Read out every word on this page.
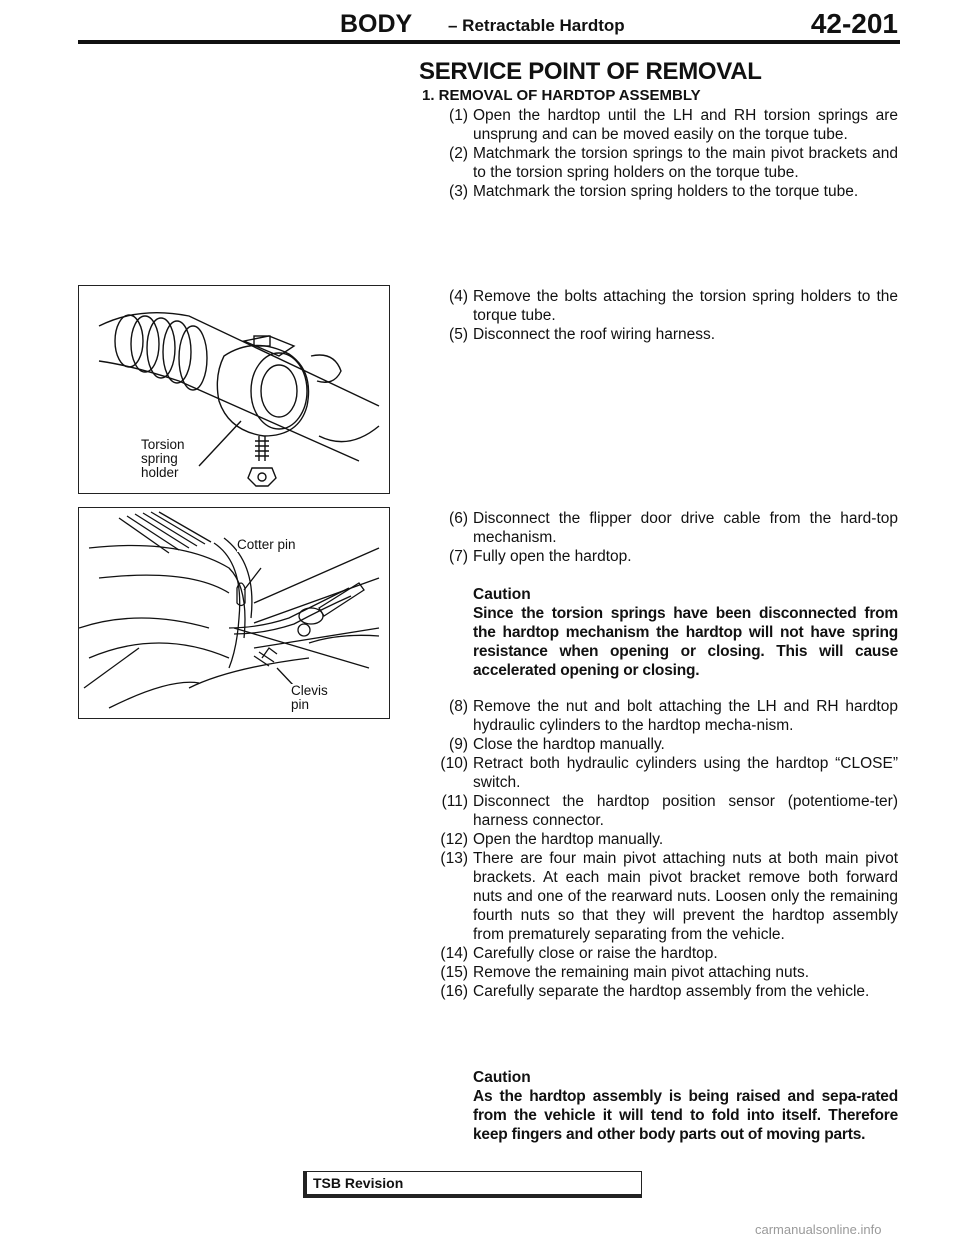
BODY – Retractable Hardtop	42-201
SERVICE POINT OF REMOVAL
1. REMOVAL OF HARDTOP ASSEMBLY
(1) Open the hardtop until the LH and RH torsion springs are unsprung and can be moved easily on the torque tube.
(2) Matchmark the torsion springs to the main pivot brackets and to the torsion spring holders on the torque tube.
(3) Matchmark the torsion spring holders to the torque tube.
(4) Remove the bolts attaching the torsion spring holders to the torque tube.
(5) Disconnect the roof wiring harness.
(6) Disconnect the flipper door drive cable from the hard-top mechanism.
(7) Fully open the hardtop.
Caution
Since the torsion springs have been disconnected from the hardtop mechanism the hardtop will not have spring resistance when opening or closing. This will cause accelerated opening or closing.
(8) Remove the nut and bolt attaching the LH and RH hardtop hydraulic cylinders to the hardtop mecha-nism.
(9) Close the hardtop manually.
(10) Retract both hydraulic cylinders using the hardtop “CLOSE” switch.
(11) Disconnect the hardtop position sensor (potentiome-ter) harness connector.
(12) Open the hardtop manually.
(13) There are four main pivot attaching nuts at both main pivot brackets. At each main pivot bracket remove both forward nuts and one of the rearward nuts. Loosen only the remaining fourth nuts so that they will prevent the hardtop assembly from prematurely separating from the vehicle.
(14) Carefully close or raise the hardtop.
(15) Remove the remaining main pivot attaching nuts.
(16) Carefully separate the hardtop assembly from the vehicle.
Caution
As the hardtop assembly is being raised and sepa-rated from the vehicle it will tend to fold into itself. Therefore keep fingers and other body parts out of moving parts.
Torsion
spring
holder
Cotter pin
Clevis
pin
TSB Revision
carmanualsonline.info
